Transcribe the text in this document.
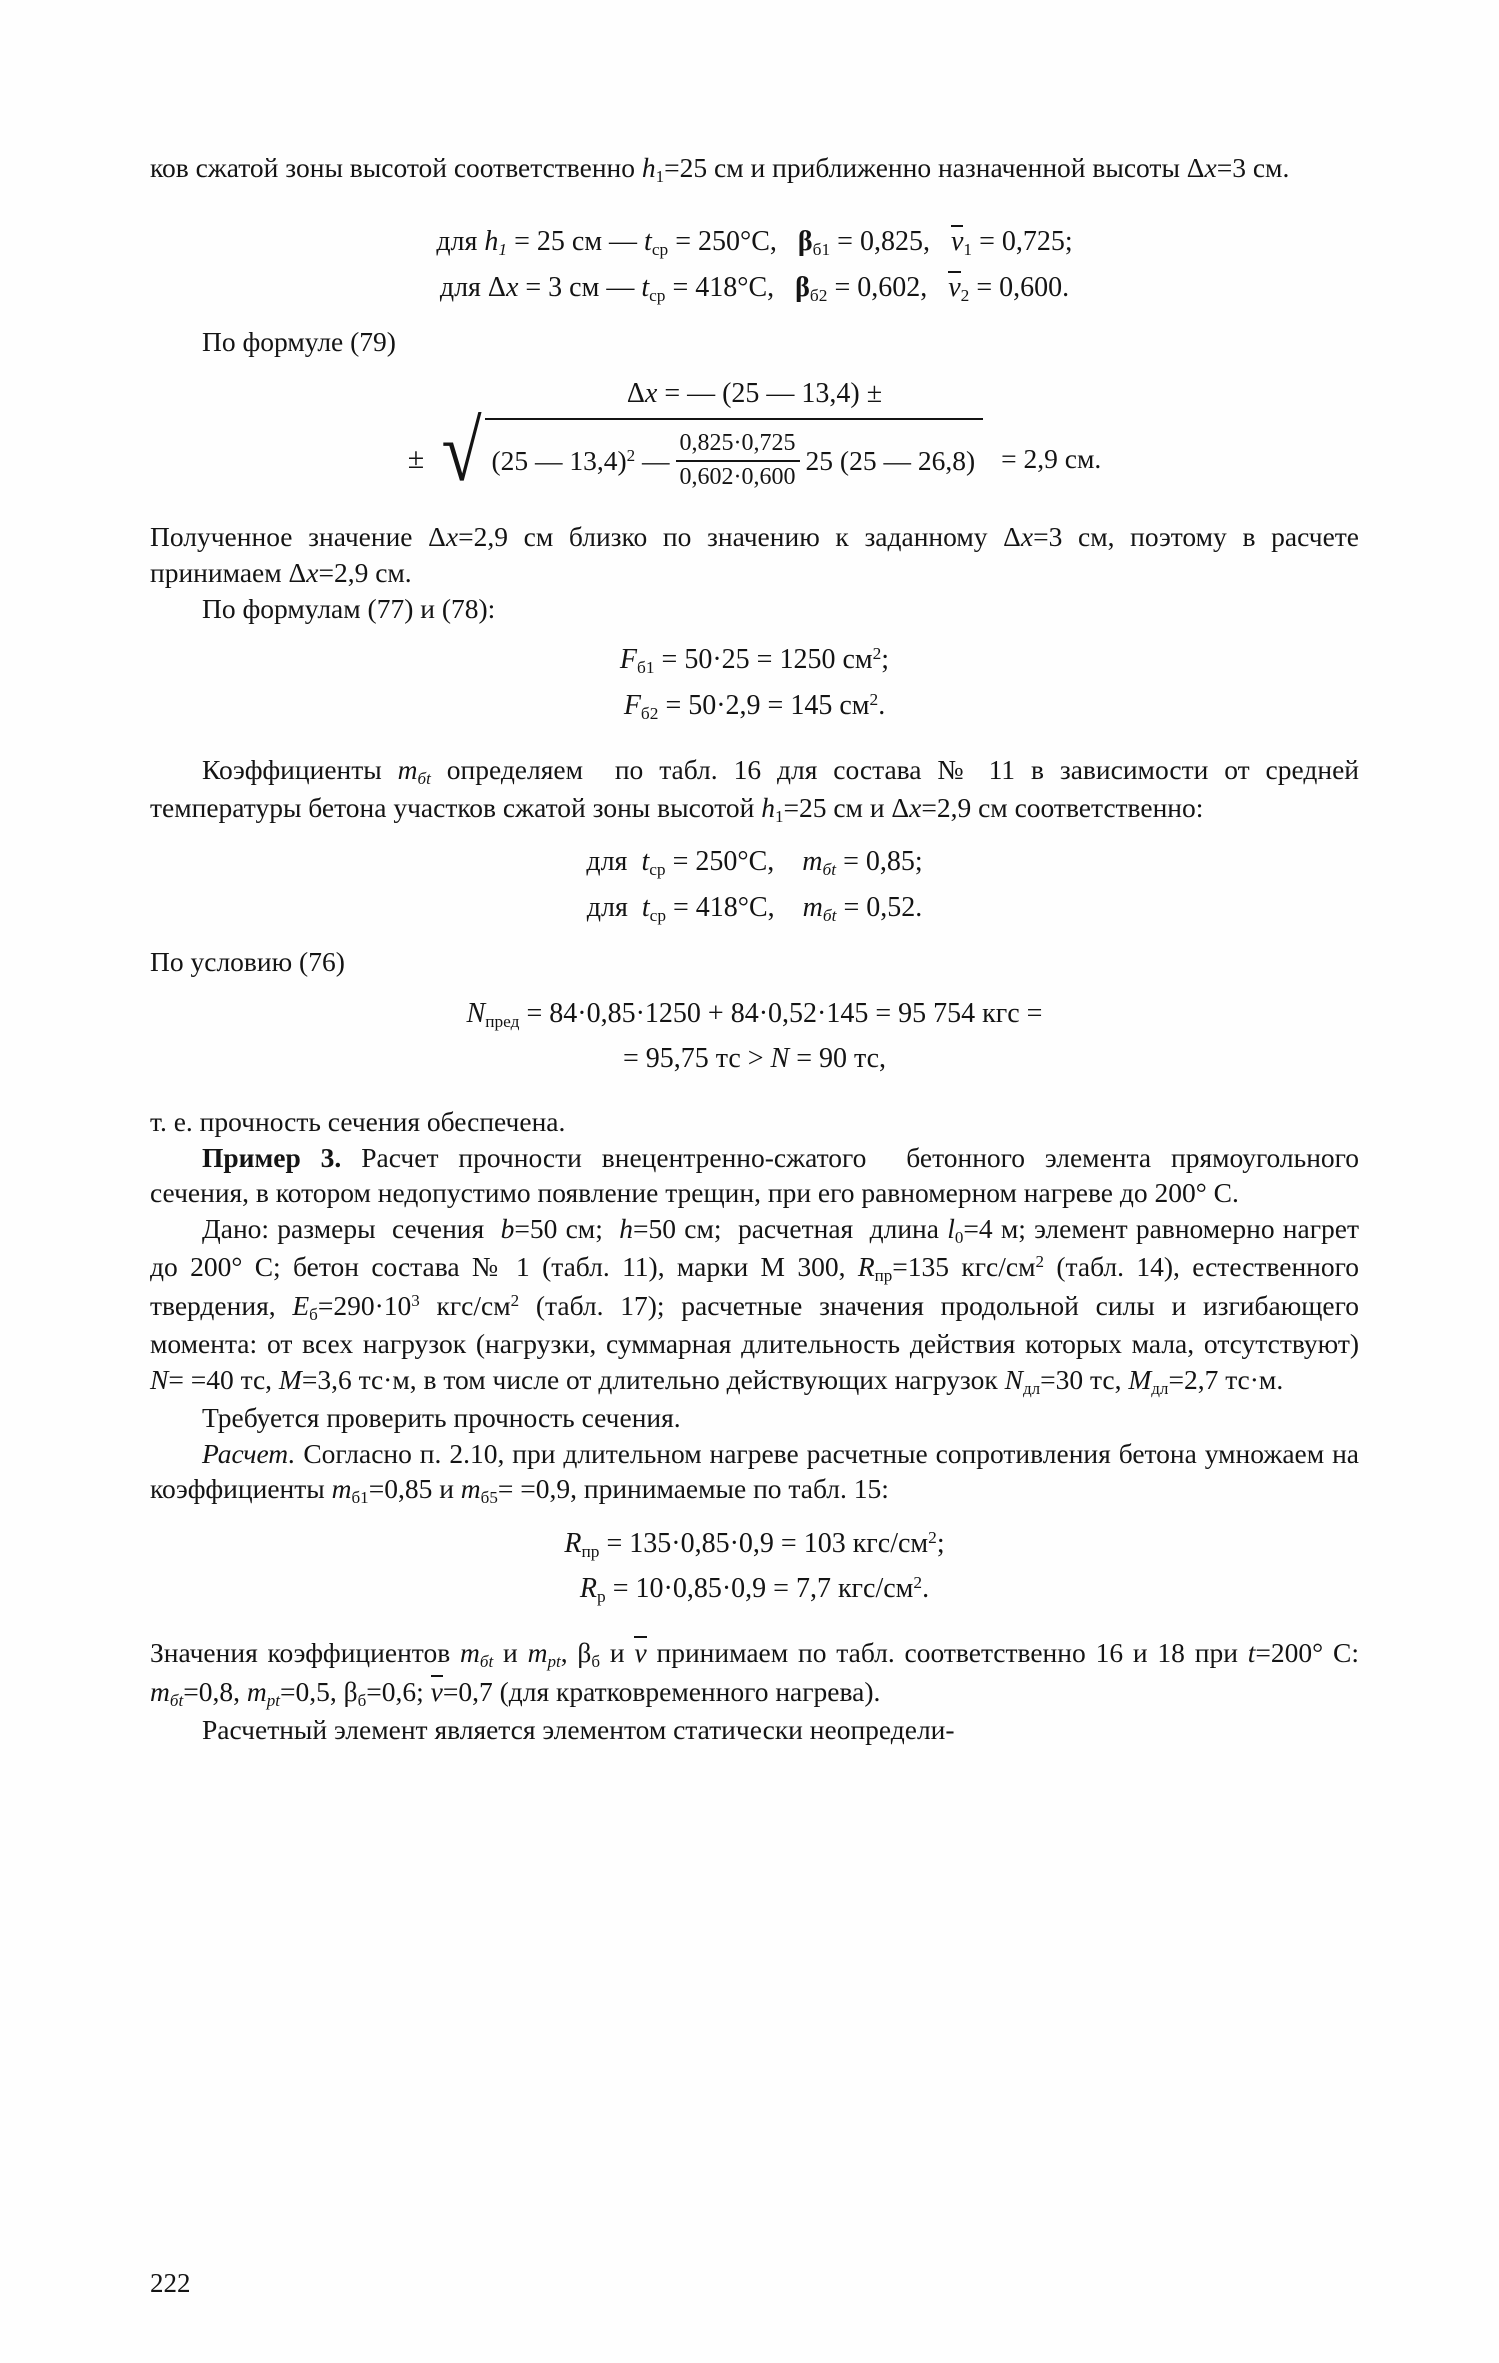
ков сжатой зоны высотой соответственно $h_1=25$ см и приближенно назначенной высоты Δx=3 см.

для $h_1 = 25$ см — $t_{ср} = 250^\circ С$,   $\beta_{б1} = 0,825$,   $\nu_1 = 0,725$;

для Δx = 3 см — $t_{ср} = 418^\circ С$,   $\beta_{б2} = 0,602$,   $\nu_2 = 0,600$.

По формуле (79)

Δx = — (25 — 13,4) ±

± √ (25 — 13,4)$^2$ — $\frac{0,825\cdot 0,725}{0,602\cdot 0,600} 25$ (25 — 26,8) = 2,9 см.

Полученное значение Δx=2,9 см близко по значению к заданному Δx=3 см, поэтому в расчете принимаем Δx=2,9 см.

По формулам (77) и (78):

$F_{б1} = 50\cdot 25 = 1250$ $см^2$;

$F_{б2} = 50\cdot 2,9 = 145$ $см^2$.

Коэффициенты $m_{бt}$ определяем  по табл. 16 для состава № 11 в зависимости от средней температуры бетона участков сжатой зоны высотой $h_1=25$ см и Δx=2,9 см соответственно:

для  $t_{ср} = 250^\circ С$,    $m_{бt} = 0,85$;

для  $t_{ср} = 418^\circ С$,    $m_{бt} = 0,52$.

По условию (76)

$N_{пред} = 84\cdot 0,85\cdot 1250 + 84\cdot 0,52\cdot 145 = 95$ 754 кгс =

= 95,75 тс > N = 90 тс,

т. е. прочность сечения обеспечена.

Пример 3. Расчет прочности внецентренно-сжатого  бетонного элемента прямоугольного сечения, в котором недопустимо появление трещин, при его равномерном нагреве до 200° С.

Дано: размеры  сечения  b=50 см;  h=50 см;  расчетная  длина $l_0=4$ м; элемент равномерно нагрет до 200° С; бетон состава № 1 (табл. 11), марки М 300, $R_{пр}=135$ кгс/$см^2$ (табл. 14), естественного твердения, $E_б=290\cdot 10^3$ кгс/$см^2$ (табл. 17); расчетные значения продольной силы и изгибающего момента: от всех нагрузок (нагрузки, суммарная длительность действия которых мала, отсутствуют) N= =40 тс, M=3,6 тс·м, в том числе от длительно действующих нагрузок $N_{дл}=30$ тс, $M_{дл}=2,7$ тс·м.

Требуется проверить прочность сечения.

Расчет. Согласно п. 2.10, при длительном нагреве расчетные сопротивления бетона умножаем на коэффициенты $m_{б1}=0,85$ и $m_{б5}= =0,9$, принимаемые по табл. 15:

$R_{пр} = 135\cdot 0,85\cdot 0,9 = 103$ кгс/$см^2$;

$R_р = 10\cdot 0,85\cdot 0,9 = 7,7$ кгс/$см^2$.

Значения коэффициентов $m_{бt}$ и $m_{рt}$, $\beta_б$ и ν принимаем по табл. соответственно 16 и 18 при t=200° С: $m_{бt}=0,8$, $m_{рt}=0,5$, $\beta_б=0,6$; ν=0,7 (для кратковременного нагрева).

Расчетный элемент является элементом статически неопредели-

222
